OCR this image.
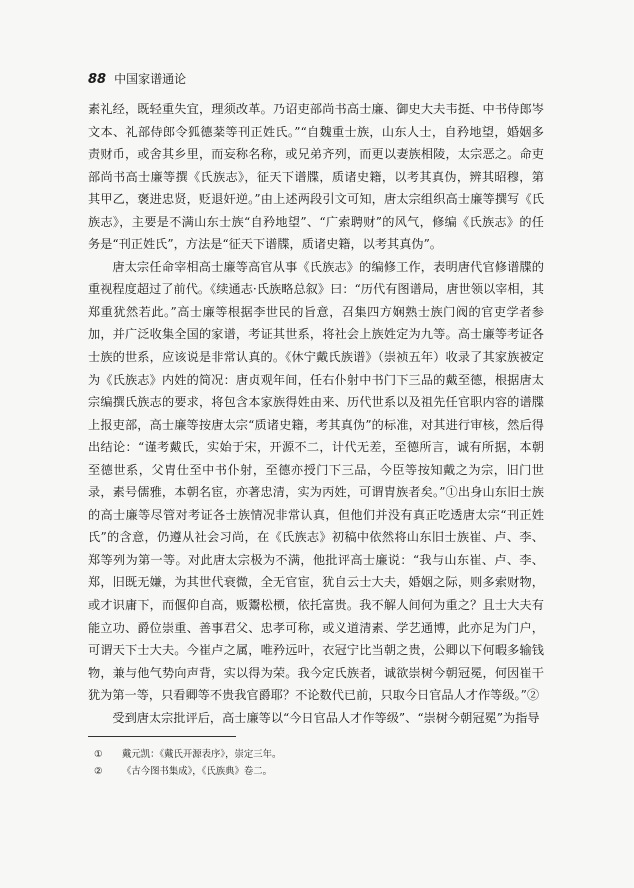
88 中国家谱通论

素礼经，既轻重失宜，理须改革。乃诏吏部尚书高士廉、御史大夫韦挺、中书侍郎岑文本、礼部侍郎令狐德棻等刊正姓氏。”“自魏重士族，山东人士，自矜地望，婚姻多责财币，或舍其乡里，而妄称名称，或兄弟齐列，而更以妻族相陵，太宗恶之。命吏部尚书高士廉等撰《氏族志》，征天下谱牒，质诸史籍，以考其真伪，辨其昭穆，第其甲乙，褒进忠贤，贬退奸逆。”由上述两段引文可知，唐太宗组织高士廉等撰写《氏族志》，主要是不满山东士族“自矜地望”、“广索聘财”的风气，修编《氏族志》的任务是“刊正姓氏”，方法是“征天下谱牒，质诸史籍，以考其真伪”。

唐太宗任命宰相高士廉等高官从事《氏族志》的编修工作，表明唐代官修谱牒的重视程度超过了前代。《续通志·氏族略总叙》曰：“历代有图谱局，唐世领以宰相，其郑重犹然若此。”高士廉等根据李世民的旨意，召集四方娴熟士族门阀的官吏学者参加，并广泛收集全国的家谱，考证其世系，将社会上族姓定为九等。高士廉等考证各士族的世系，应该说是非常认真的。《休宁戴氏族谱》（崇祯五年）收录了其家族被定为《氏族志》内姓的简况：唐贞观年间，任右仆射中书门下三品的戴至德，根据唐太宗编撰氏族志的要求，将包含本家族得姓由来、历代世系以及祖先任官职内容的谱牒上报吏部，高士廉等按唐太宗“质诸史籍，考其真伪”的标准，对其进行审核，然后得出结论：“谨考戴氏，实始于宋，开源不二，计代无差，至德所言，诚有所据，本朝至德世系，父胄仕至中书仆射，至德亦授门下三品，今臣等按知戴之为宗，旧门世录，素号儒雅，本朝名宦，亦著忠清，实为丙姓，可谓胄族者矣。”①出身山东旧士族的高士廉等尽管对考证各士族情况非常认真，但他们并没有真正吃透唐太宗“刊正姓氏”的含意，仍遵从社会习尚，在《氏族志》初稿中依然将山东旧士族崔、卢、李、郑等列为第一等。对此唐太宗极为不满，他批评高士廉说：“我与山东崔、卢、李、郑，旧既无嫌，为其世代衰微，全无官宦，犹自云士大夫，婚姻之际，则多索财物，或才识庸下，而偃仰自高，贩鬻松槚，依托富贵。我不解人间何为重之？且士大夫有能立功、爵位崇重、善事君父、忠孝可称，或义道清素、学艺通博，此亦足为门户，可谓天下士大夫。今崔卢之属，唯矜远叶，衣冠宁比当朝之贵，公卿以下何暇多输钱物，兼与他气势向声背，实以得为荣。我今定氏族者，诚欲崇树今朝冠冕，何因崔干犹为第一等，只看卿等不贵我官爵耶？不论数代已前，只取今日官品人才作等级。”②

受到唐太宗批评后，高士廉等以“今日官品人才作等级”、“崇树今朝冠冕”为指导

①	戴元凯：《戴氏开源表序》，崇定三年。
②	《古今图书集成》，《氏族典》卷二。
